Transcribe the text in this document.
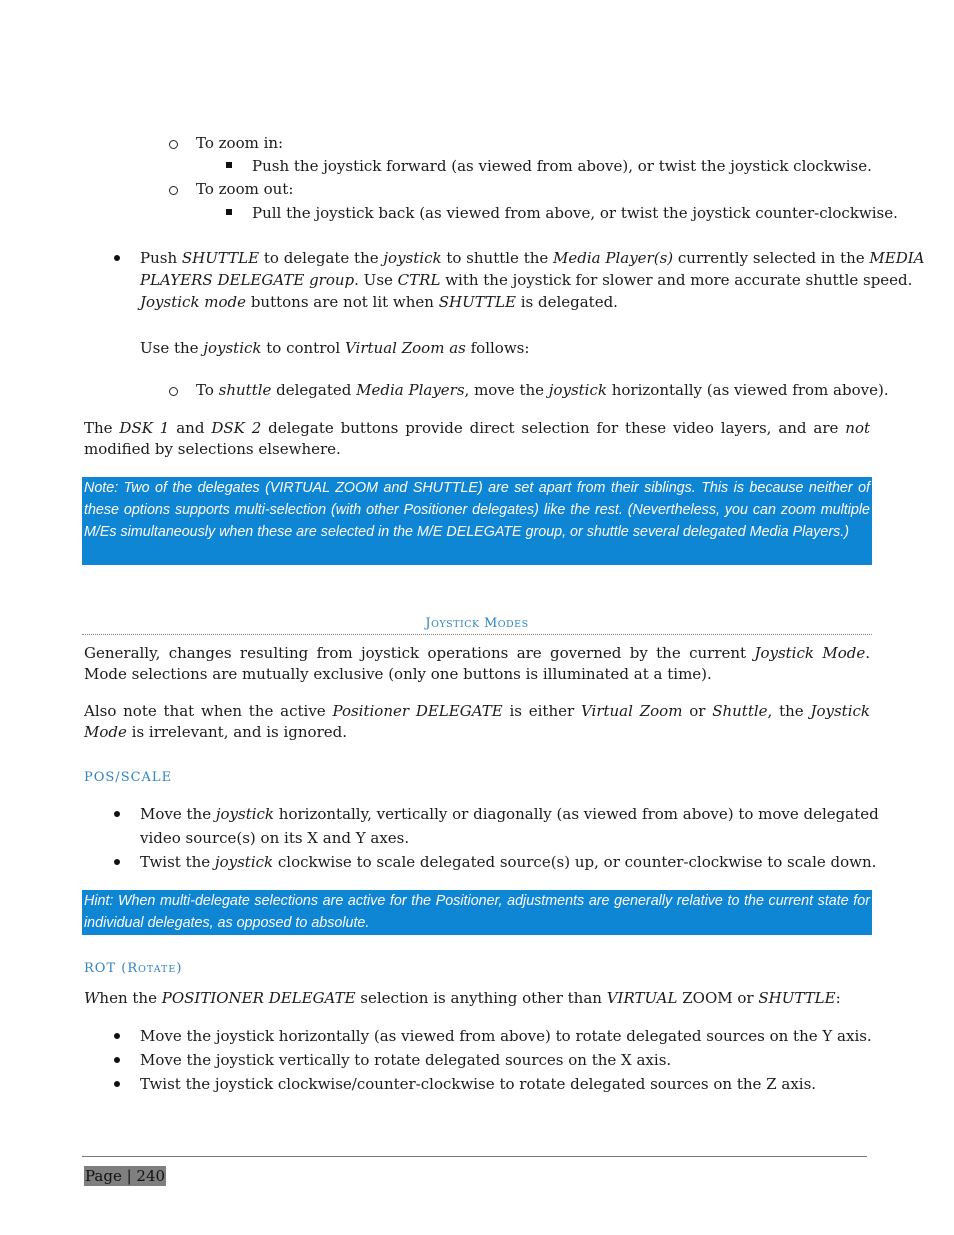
To zoom in:
Push the joystick forward (as viewed from above), or twist the joystick clockwise.
To zoom out:
Pull the joystick back (as viewed from above, or twist the joystick counter-clockwise.
Push SHUTTLE to delegate the joystick to shuttle the Media Player(s) currently selected in the MEDIA
PLAYERS DELEGATE group. Use CTRL with the joystick for slower and more accurate shuttle speed.
Joystick mode buttons are not lit when SHUTTLE is delegated.
Use the joystick to control Virtual Zoom as follows:
To shuttle delegated Media Players, move the joystick horizontally (as viewed from above).
The DSK 1 and DSK 2 delegate buttons provide direct selection for these video layers, and are not modified by selections elsewhere.
Note: Two of the delegates (VIRTUAL ZOOM and SHUTTLE) are set apart from their siblings. This is because neither of these options supports multi-selection (with other Positioner delegates) like the rest. (Nevertheless, you can zoom multiple M/Es simultaneously when these are selected in the M/E DELEGATE group, or shuttle several delegated Media Players.)
JOYSTICK MODES
Generally, changes resulting from joystick operations are governed by the current Joystick Mode. Mode selections are mutually exclusive (only one buttons is illuminated at a time).
Also note that when the active Positioner DELEGATE is either Virtual Zoom or Shuttle, the Joystick Mode is irrelevant, and is ignored.
POS/SCALE
Move the joystick horizontally, vertically or diagonally (as viewed from above) to move delegated
video source(s) on its X and Y axes.
Twist the joystick clockwise to scale delegated source(s) up, or counter-clockwise to scale down.
Hint: When multi-delegate selections are active for the Positioner, adjustments are generally relative to the current state for individual delegates, as opposed to absolute.
ROT (ROTATE)
When the POSITIONER DELEGATE selection is anything other than VIRTUAL ZOOM or SHUTTLE:
Move the joystick horizontally (as viewed from above) to rotate delegated sources on the Y axis.
Move the joystick vertically to rotate delegated sources on the X axis.
Twist the joystick clockwise/counter-clockwise to rotate delegated sources on the Z axis.
Page | 240
